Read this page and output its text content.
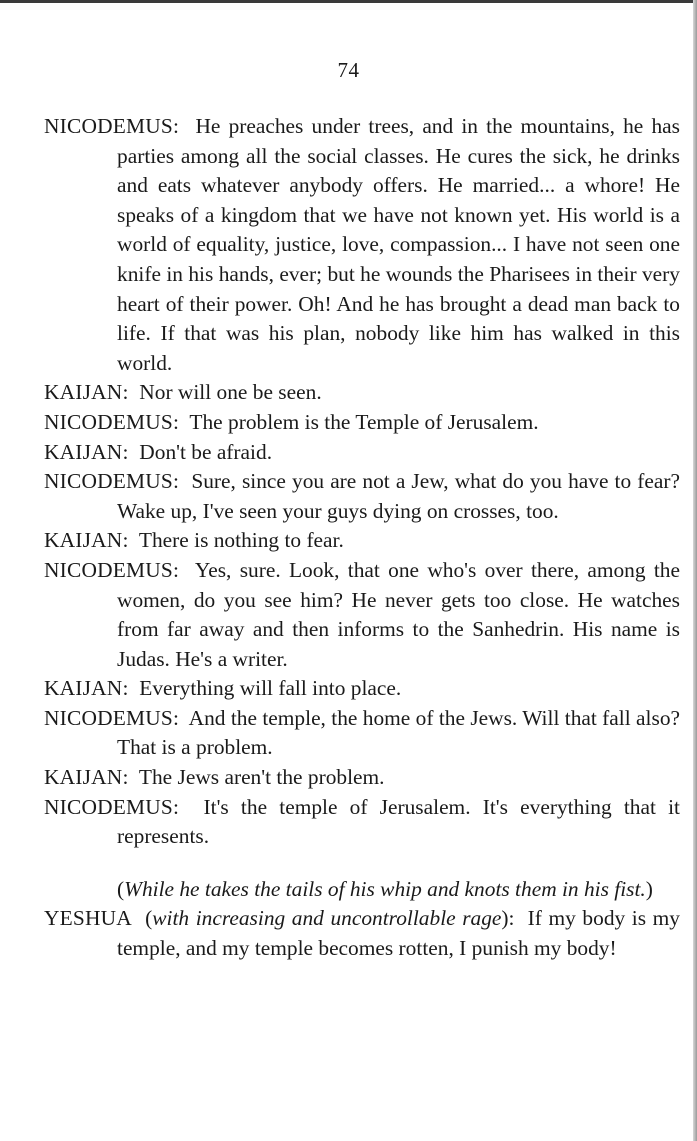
74

NICODEMUS: He preaches under trees, and in the mountains, he has parties among all the social classes. He cures the sick, he drinks and eats whatever anybody offers. He married... a whore! He speaks of a kingdom that we have not known yet. His world is a world of equality, justice, love, compassion... I have not seen one knife in his hands, ever; but he wounds the Pharisees in their very heart of their power. Oh! And he has brought a dead man back to life. If that was his plan, nobody like him has walked in this world.

KAIJAN: Nor will one be seen.

NICODEMUS: The problem is the Temple of Jerusalem.

KAIJAN: Don't be afraid.

NICODEMUS: Sure, since you are not a Jew, what do you have to fear? Wake up, I've seen your guys dying on crosses, too.

KAIJAN: There is nothing to fear.

NICODEMUS: Yes, sure. Look, that one who's over there, among the women, do you see him? He never gets too close. He watches from far away and then informs to the Sanhedrin. His name is Judas. He's a writer.

KAIJAN: Everything will fall into place.

NICODEMUS: And the temple, the home of the Jews. Will that fall also? That is a problem.

KAIJAN: The Jews aren't the problem.

NICODEMUS: It's the temple of Jerusalem. It's everything that it represents.

(While he takes the tails of his whip and knots them in his fist.)

YESHUA (with increasing and uncontrollable rage): If my body is my temple, and my temple becomes rotten, I punish my body!
